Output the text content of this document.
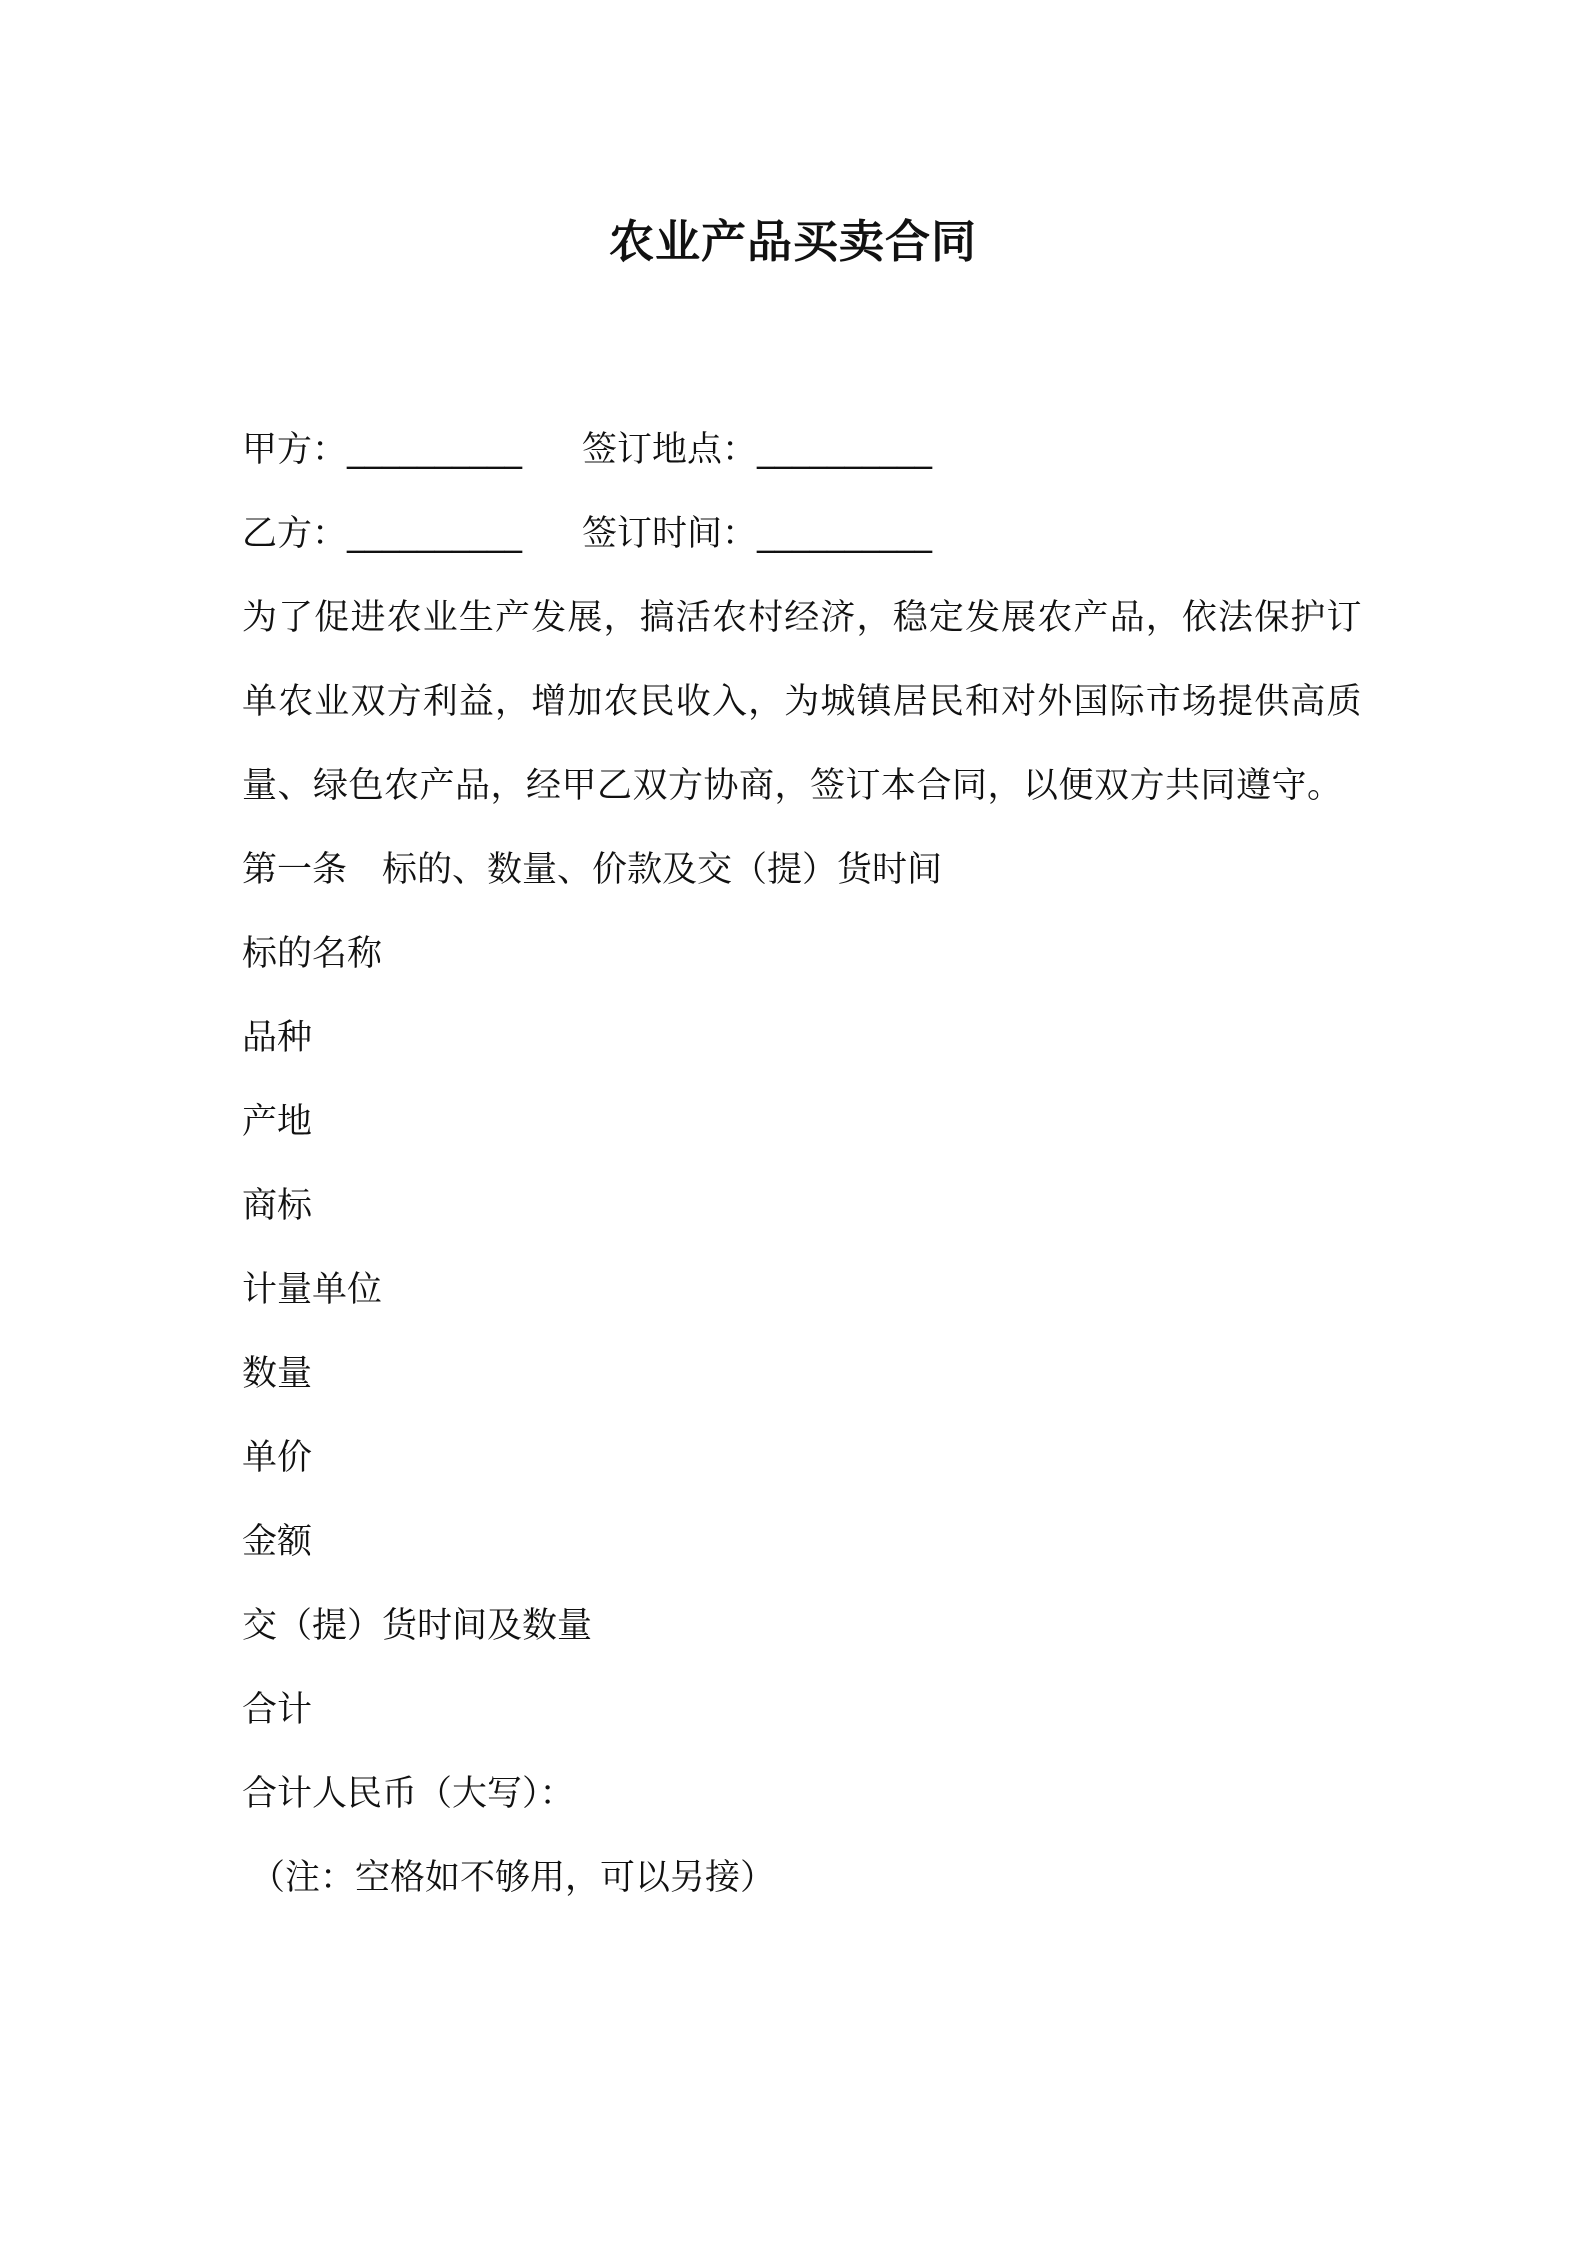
农业产品买卖合同
甲方：__________	签订地点：__________
乙方：__________	签订时间：__________
为了促进农业生产发展，搞活农村经济，稳定发展农产品，依法保护订单农业双方利益，增加农民收入，为城镇居民和对外国际市场提供高质量、绿色农产品，经甲乙双方协商，签订本合同，以便双方共同遵守。
第一条　标的、数量、价款及交（提）货时间
标的名称
品种
产地
商标
计量单位
数量
单价
金额
交（提）货时间及数量
合计
合计人民币（大写）：
（注：空格如不够用，可以另接）
